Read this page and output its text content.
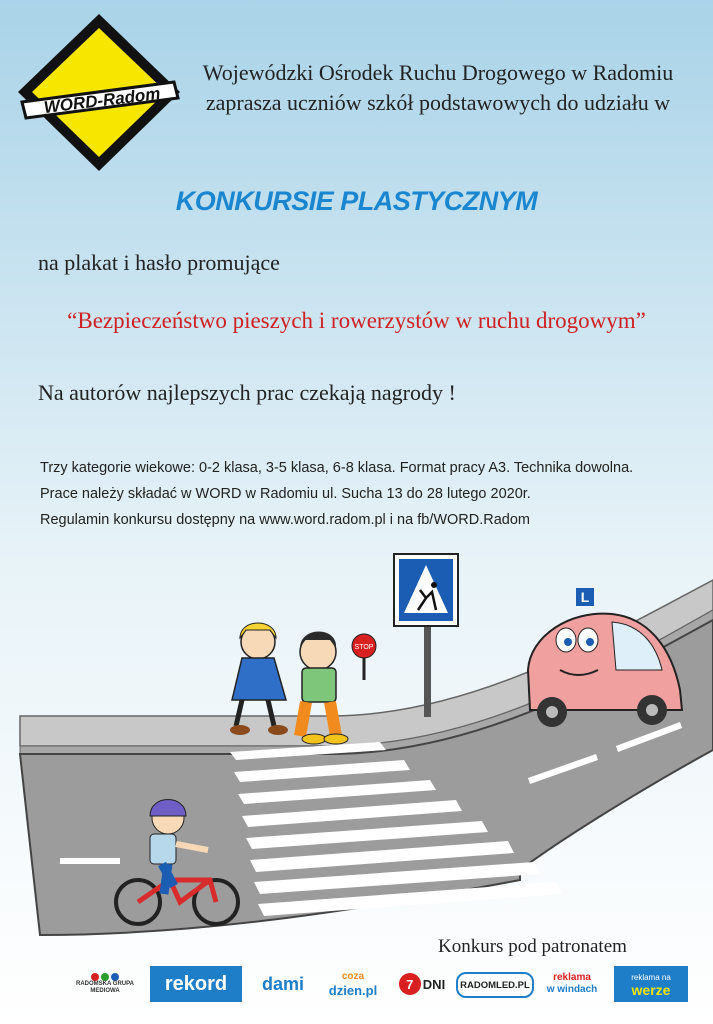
WORD-Radom
Wojewódzki Ośrodek Ruchu Drogowego w Radomiu
zaprasza uczniów szkół podstawowych do udziału w
KONKURSIE PLASTYCZNYM
na plakat i hasło promujące
“Bezpieczeństwo pieszych i rowerzystów w ruchu drogowym”
Na autorów najlepszych prac czekają nagrody !
Trzy kategorie wiekowe: 0-2 klasa, 3-5 klasa, 6-8 klasa. Format pracy A3. Technika dowolna.
Prace należy składać w WORD w Radomiu ul. Sucha 13 do 28 lutego 2020r.
Regulamin konkursu dostępny na www.word.radom.pl i na fb/WORD.Radom
STOP
L
Konkurs pod patronatem
RADOMSKA GRUPA MEDIOWA	rekord	dami	coza
dzien.pl	7 DNI	RADOMLED.PL
reklama
w windach
reklama na
werze
